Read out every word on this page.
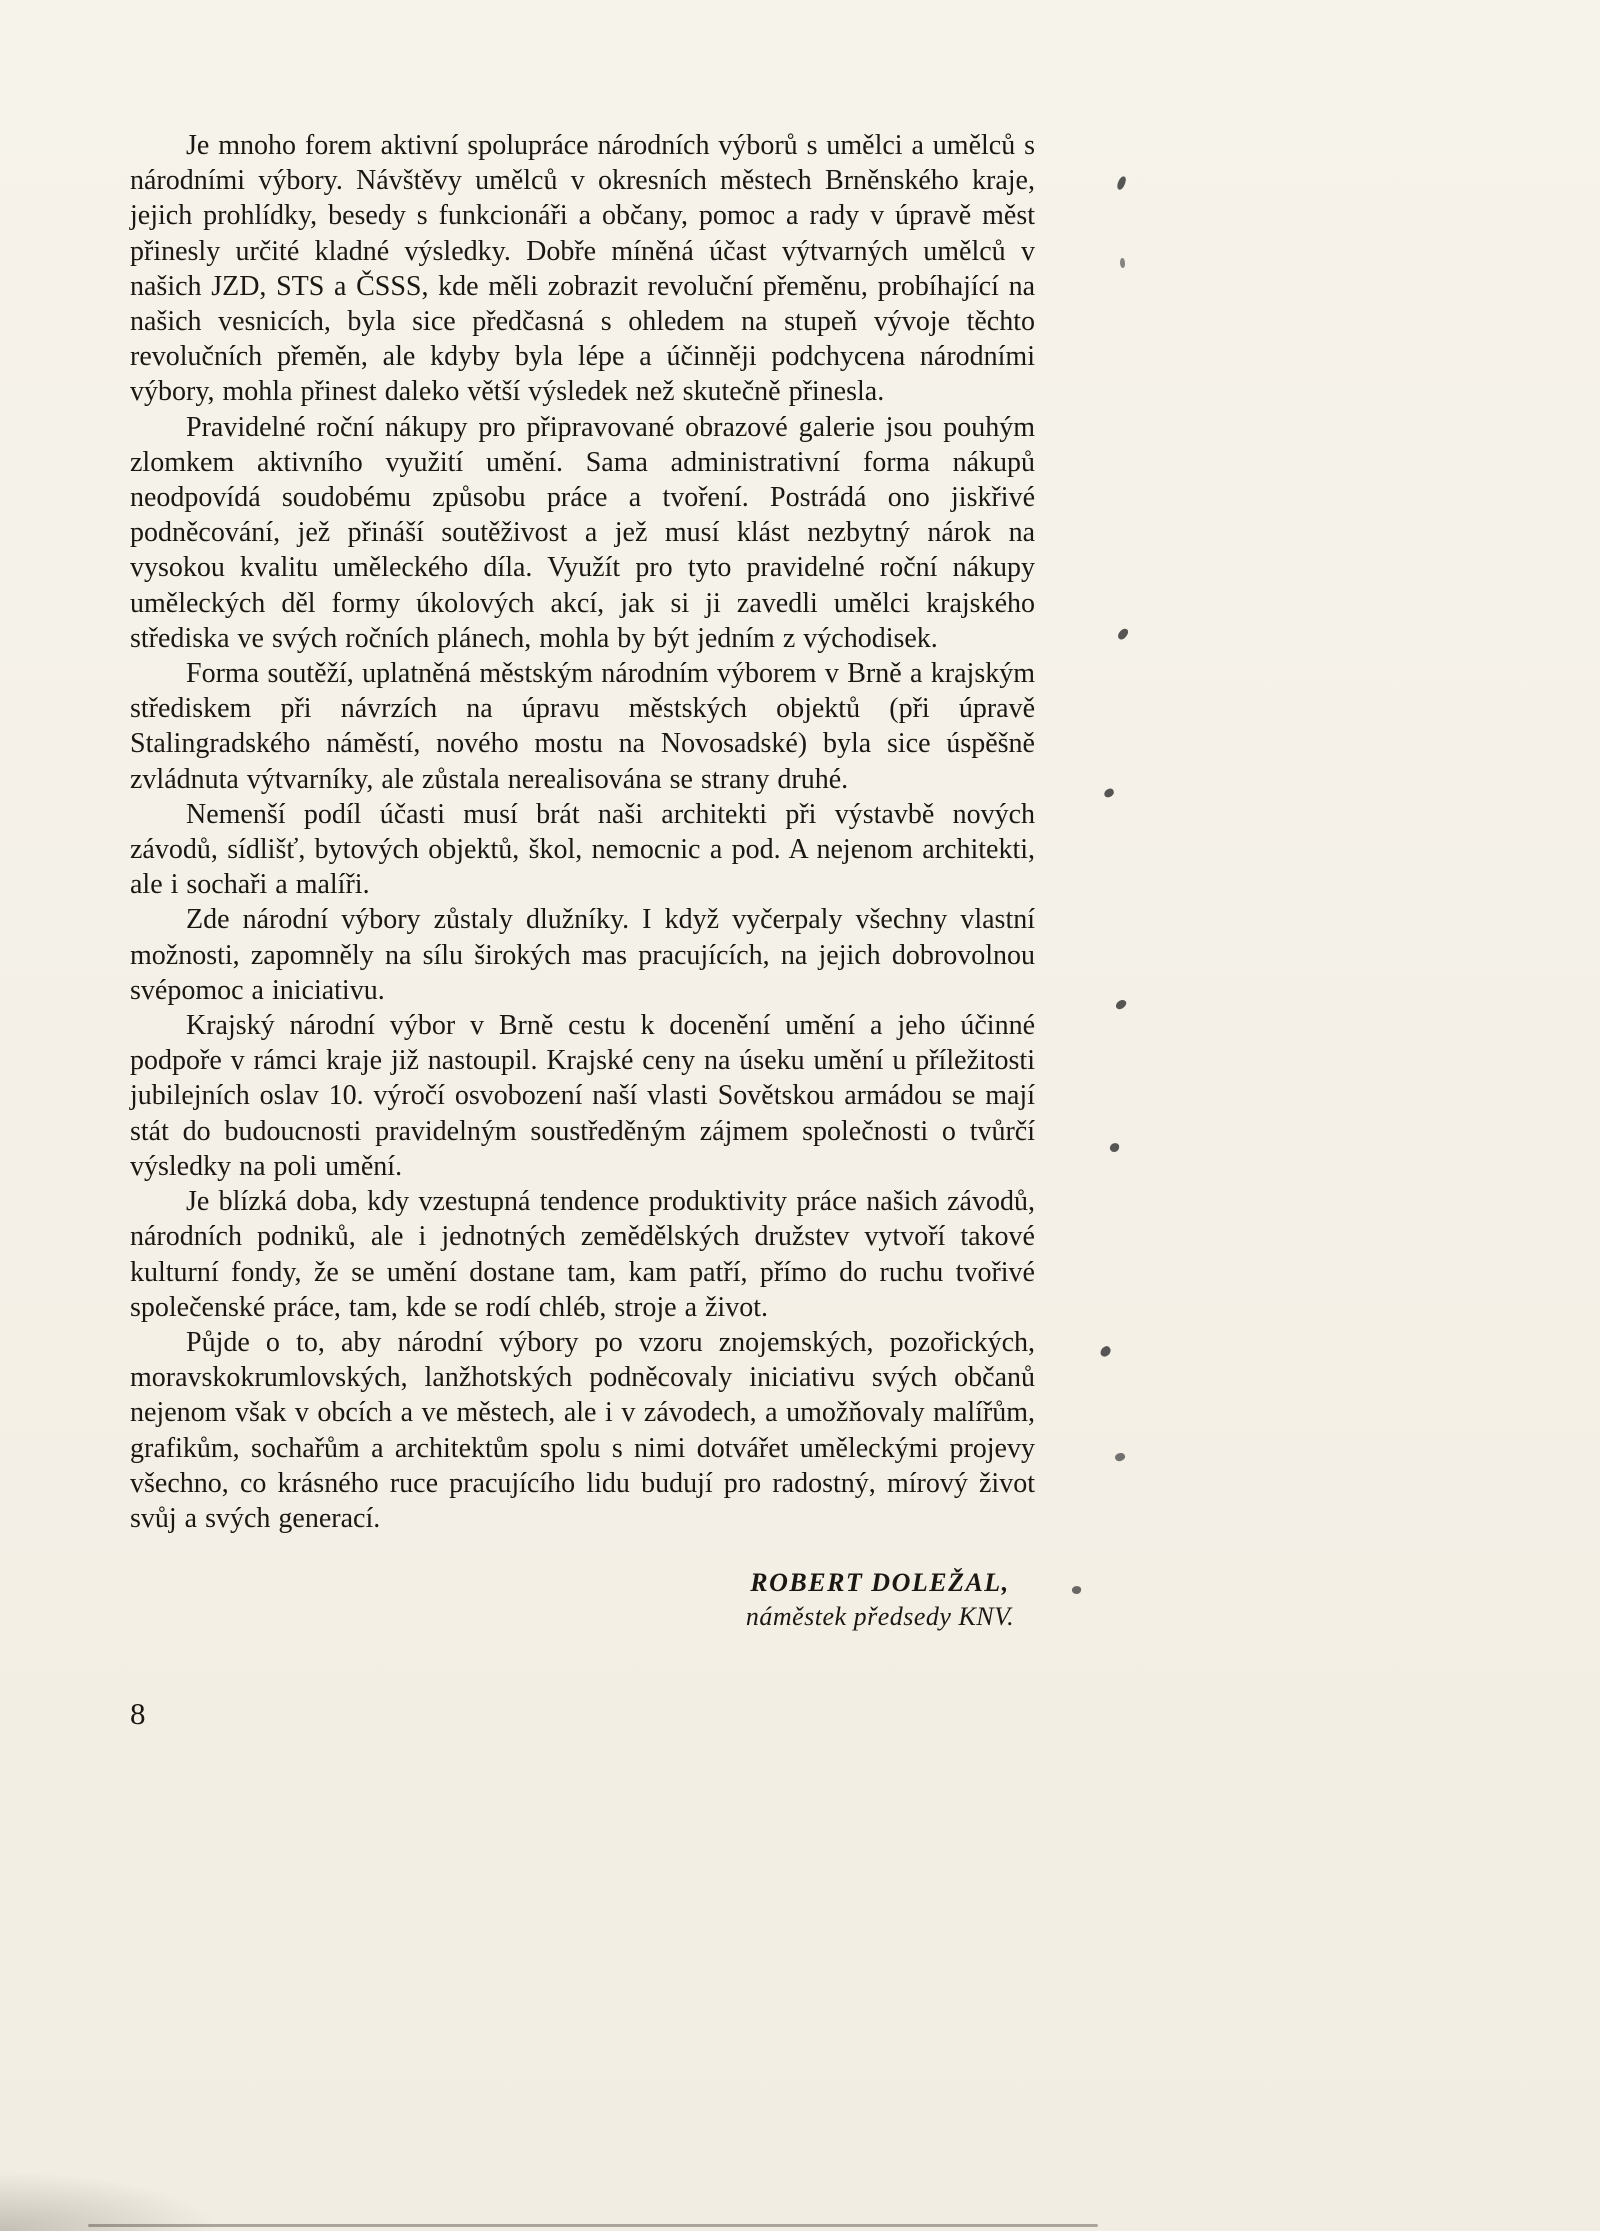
Je mnoho forem aktivní spolupráce národních výborů s umělci a umělců s národními výbory. Návštěvy umělců v okresních městech Brněnského kraje, jejich prohlídky, besedy s funkcionáři a občany, pomoc a rady v úpravě měst přinesly určité kladné výsledky. Dobře míněná účast výtvarných umělců v našich JZD, STS a ČSSS, kde měli zobrazit revoluční přeměnu, probíhající na našich vesnicích, byla sice předčasná s ohledem na stupeň vývoje těchto revolučních přeměn, ale kdyby byla lépe a účinněji podchycena národními výbory, mohla přinest daleko větší výsledek než skutečně přinesla.

Pravidelné roční nákupy pro připravované obrazové galerie jsou pouhým zlomkem aktivního využití umění. Sama administrativní forma nákupů neodpovídá soudobému způsobu práce a tvoření. Postrádá ono jiskřivé podněcování, jež přináší soutěživost a jež musí klást nezbytný nárok na vysokou kvalitu uměleckého díla. Využít pro tyto pravidelné roční nákupy uměleckých děl formy úkolových akcí, jak si ji zavedli umělci krajského střediska ve svých ročních plánech, mohla by být jedním z východisek.

Forma soutěží, uplatněná městským národním výborem v Brně a krajským střediskem při návrzích na úpravu městských objektů (při úpravě Stalingradského náměstí, nového mostu na Novosadské) byla sice úspěšně zvládnuta výtvarníky, ale zůstala nerealisována se strany druhé.

Nemenší podíl účasti musí brát naši architekti při výstavbě nových závodů, sídlišť, bytových objektů, škol, nemocnic a pod. A nejenom architekti, ale i sochaři a malíři.

Zde národní výbory zůstaly dlužníky. I když vyčerpaly všechny vlastní možnosti, zapomněly na sílu širokých mas pracujících, na jejich dobrovolnou svépomoc a iniciativu.

Krajský národní výbor v Brně cestu k docenění umění a jeho účinné podpoře v rámci kraje již nastoupil. Krajské ceny na úseku umění u příležitosti jubilejních oslav 10. výročí osvobození naší vlasti Sovětskou armádou se mají stát do budoucnosti pravidelným soustředěným zájmem společnosti o tvůrčí výsledky na poli umění.

Je blízká doba, kdy vzestupná tendence produktivity práce našich závodů, národních podniků, ale i jednotných zemědělských družstev vytvoří takové kulturní fondy, že se umění dostane tam, kam patří, přímo do ruchu tvořivé společenské práce, tam, kde se rodí chléb, stroje a život.

Půjde o to, aby národní výbory po vzoru znojemských, pozořických, moravskokrumlovských, lanžhotských podněcovaly iniciativu svých občanů nejenom však v obcích a ve městech, ale i v závodech, a umožňovaly malířům, grafikům, sochařům a architektům spolu s nimi dotvářet uměleckými projevy všechno, co krásného ruce pracujícího lidu budují pro radostný, mírový život svůj a svých generací.

ROBERT DOLEŽAL,
náměstek předsedy KNV.
8
